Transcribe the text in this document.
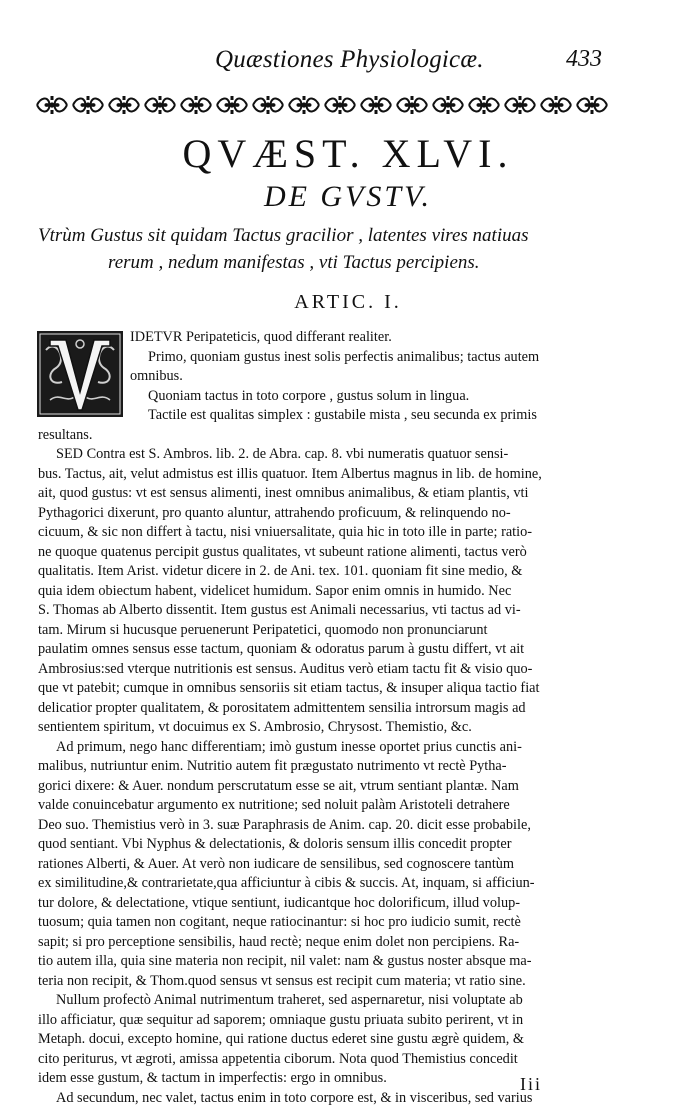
Quæstiones Physiologicæ.	433
QVÆST. XLVI.
DE GVSTV.
Vtrùm Gustus sit quidam Tactus gracilior , latentes vires natiuas
rerum , nedum manifestas , vti Tactus percipiens.
ARTIC. I.
IDETVR Peripateticis, quod differant realiter.
Primo, quoniam gustus inest solis perfectis animalibus; tactus autem
omnibus.
Quoniam tactus in toto corpore , gustus solum in lingua.
Tactile est qualitas simplex : gustabile mista , seu secunda ex primis
resultans.
SED Contra est S. Ambros. lib. 2. de Abra. cap. 8. vbi numeratis quatuor sensi-
bus. Tactus, ait, velut admistus est illis quatuor. Item Albertus magnus in lib. de homine,
ait, quod gustus: vt est sensus alimenti, inest omnibus animalibus, & etiam plantis, vti
Pythagorici dixerunt, pro quanto aluntur, attrahendo proficuum, & relinquendo no-
cicuum, & sic non differt à tactu, nisi vniuersalitate, quia hic in toto ille in parte; ratio-
ne quoque quatenus percipit gustus qualitates, vt subeunt ratione alimenti, tactus verò
qualitatis. Item Arist. videtur dicere in 2. de Ani. tex. 101. quoniam fit sine medio, &
quia idem obiectum habent, videlicet humidum. Sapor enim omnis in humido. Nec
S. Thomas ab Alberto dissentit. Item gustus est Animali necessarius, vti tactus ad vi-
tam. Mirum si hucusque peruenerunt Peripatetici, quomodo non pronunciarunt
paulatim omnes sensus esse tactum, quoniam & odoratus parum à gustu differt, vt ait
Ambrosius:sed vterque nutritionis est sensus. Auditus verò etiam tactu fit & visio quo-
que vt patebit; cumque in omnibus sensoriis sit etiam tactus, & insuper aliqua tactio fiat
delicatior propter qualitatem, & porositatem admittentem sensilia introrsum magis ad
sentientem spiritum, vt docuimus ex S. Ambrosio, Chrysost. Themistio, &c.
Ad primum, nego hanc differentiam; imò gustum inesse oportet prius cunctis ani-
malibus, nutriuntur enim. Nutritio autem fit prægustato nutrimento vt rectè Pytha-
gorici dixere: & Auer. nondum perscrutatum esse se ait, vtrum sentiant plantæ. Nam
valde conuincebatur argumento ex nutritione; sed noluit palàm Aristoteli detrahere
Deo suo. Themistius verò in 3. suæ Paraphrasis de Anim. cap. 20. dicit esse probabile,
quod sentiant. Vbi Nyphus & delectationis, & doloris sensum illis concedit propter
rationes Alberti, & Auer. At verò non iudicare de sensilibus, sed cognoscere tantùm
ex similitudine,& contrarietate,qua afficiuntur à cibis & succis. At, inquam, si afficiun-
tur dolore, & delectatione, vtique sentiunt, iudicantque hoc dolorificum, illud volup-
tuosum; quia tamen non cogitant, neque ratiocinantur: si hoc pro iudicio sumit, rectè
sapit; si pro perceptione sensibilis, haud rectè; neque enim dolet non percipiens. Ra-
tio autem illa, quia sine materia non recipit, nil valet: nam & gustus noster absque ma-
teria non recipit, & Thom.quod sensus vt sensus est recipit cum materia; vt ratio sine.
Nullum profectò Animal nutrimentum traheret, sed aspernaretur, nisi voluptate ab
illo afficiatur, quæ sequitur ad saporem; omniaque gustu priuata subito perirent, vt in
Metaph. docui, excepto homine, qui ratione ductus ederet sine gustu ægrè quidem, &
cito periturus, vt ægroti, amissa appetentia ciborum. Nota quod Themistius concedit
idem esse gustum, & tactum in imperfectis: ergo in omnibus.
Ad secundum, nec valet, tactus enim in toto corpore est, & in visceribus, sed varius
Iii
